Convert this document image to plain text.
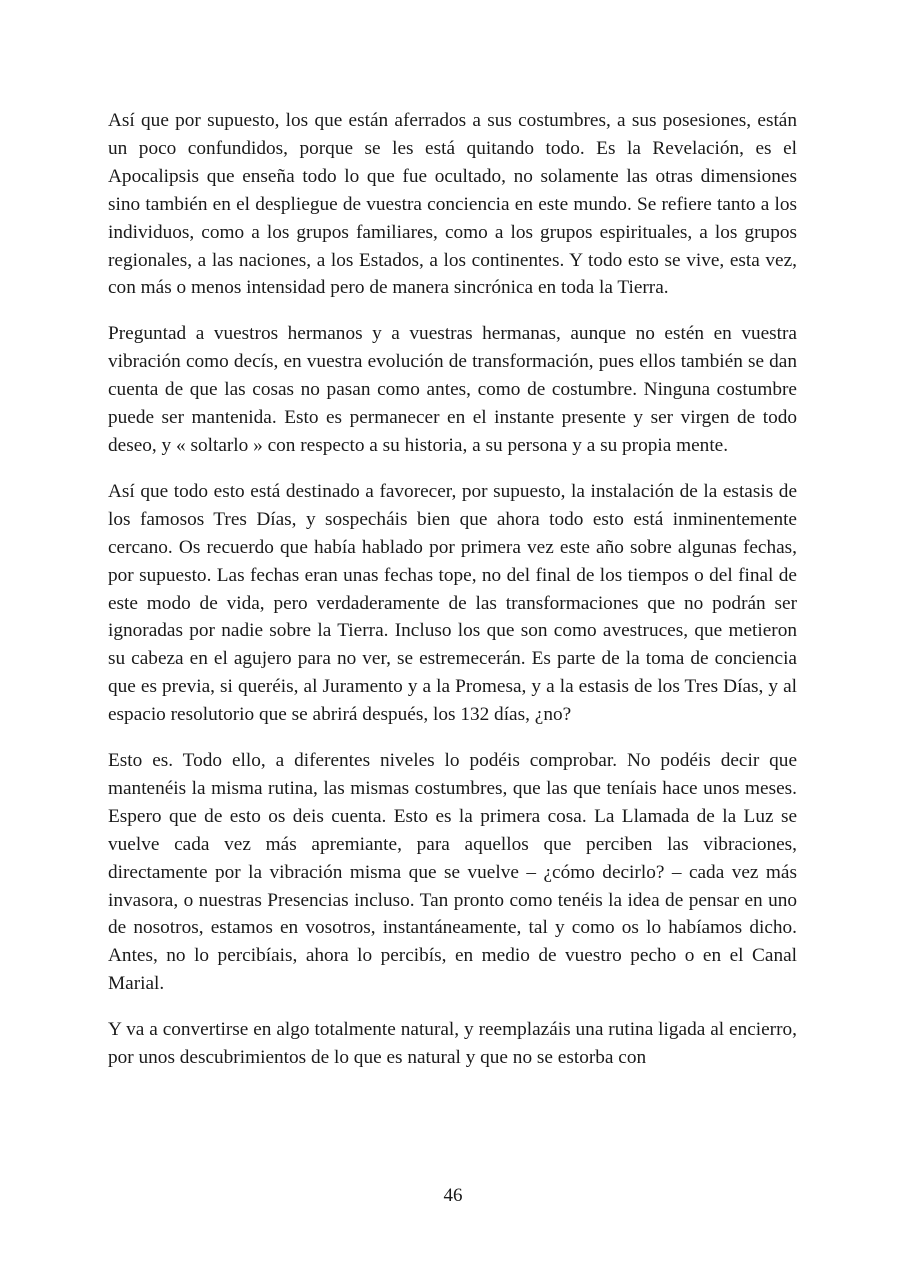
Así que por supuesto, los que están aferrados a sus costumbres, a sus posesiones, están un poco confundidos, porque se les está quitando todo. Es la Revelación, es el Apocalipsis que enseña todo lo que fue ocultado, no solamente las otras dimensiones sino también en el despliegue de vuestra conciencia en este mundo. Se refiere tanto a los individuos, como a los grupos familiares, como a los grupos espirituales, a los grupos regionales, a las naciones, a los Estados, a los continentes. Y todo esto se vive, esta vez, con más o menos intensidad pero de manera sincrónica en toda la Tierra.

Preguntad a vuestros hermanos y a vuestras hermanas, aunque no estén en vuestra vibración como decís, en vuestra evolución de transformación, pues ellos también se dan cuenta de que las cosas no pasan como antes, como de costumbre. Ninguna costumbre puede ser mantenida. Esto es permanecer en el instante presente y ser virgen de todo deseo, y « soltarlo » con respecto a su historia, a su persona y a su propia mente.

Así que todo esto está destinado a favorecer, por supuesto, la instalación de la estasis de los famosos Tres Días, y sospecháis bien que ahora todo esto está inminentemente cercano. Os recuerdo que había hablado por primera vez este año sobre algunas fechas, por supuesto. Las fechas eran unas fechas tope, no del final de los tiempos o del final de este modo de vida, pero verdaderamente de las transformaciones que no podrán ser ignoradas por nadie sobre la Tierra. Incluso los que son como avestruces, que metieron su cabeza en el agujero para no ver, se estremecerán. Es parte de la toma de conciencia que es previa, si queréis, al Juramento y a la Promesa, y a la estasis de los Tres Días, y al espacio resolutorio que se abrirá después, los 132 días, ¿no?

Esto es. Todo ello, a diferentes niveles lo podéis comprobar. No podéis decir que mantenéis la misma rutina, las mismas costumbres, que las que teníais hace unos meses. Espero que de esto os deis cuenta. Esto es la primera cosa. La Llamada de la Luz se vuelve cada vez más apremiante, para aquellos que perciben las vibraciones, directamente por la vibración misma que se vuelve – ¿cómo decirlo? – cada vez más invasora, o nuestras Presencias incluso. Tan pronto como tenéis la idea de pensar en uno de nosotros, estamos en vosotros, instantáneamente, tal y como os lo habíamos dicho. Antes, no lo percibíais, ahora lo percibís, en medio de vuestro pecho o en el Canal Marial.

Y va a convertirse en algo totalmente natural, y reemplazáis una rutina ligada al encierro, por unos descubrimientos de lo que es natural y que no se estorba con

46
